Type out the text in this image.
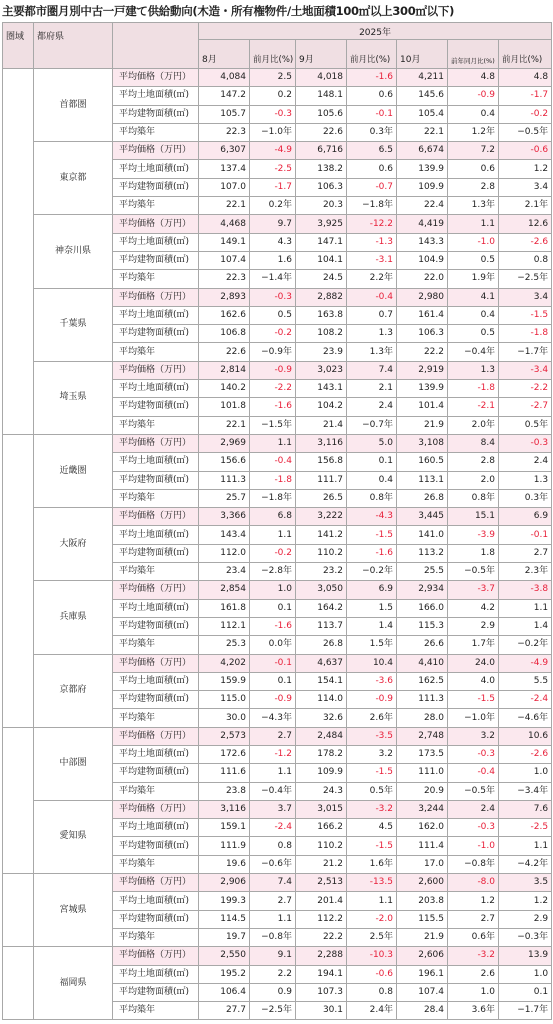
主要都市圏月別中古一戸建て供給動向(木造・所有権物件/土地面積100㎡以上300㎡以下)
圏域	都府県		2025年						
			8月	前月比(%)	9月	前月比(%)	10月	前年同月比(%)	前月比(%)
	首都圏	平均価格（万円）	4,084	2.5	4,018	-1.6	4,211	4.8	4.8
		平均土地面積(㎡)	147.2	0.2	148.1	0.6	145.6	-0.9	-1.7
		平均建物面積(㎡)	105.7	-0.3	105.6	-0.1	105.4	0.4	-0.2
		平均築年	22.3	−1.0年	22.6	0.3年	22.1	1.2年	−0.5年
	東京都	平均価格（万円）	6,307	-4.9	6,716	6.5	6,674	7.2	-0.6
		平均土地面積(㎡)	137.4	-2.5	138.2	0.6	139.9	0.6	1.2
		平均建物面積(㎡)	107.0	-1.7	106.3	-0.7	109.9	2.8	3.4
		平均築年	22.1	0.2年	20.3	−1.8年	22.4	1.3年	2.1年
	神奈川県	平均価格（万円）	4,468	9.7	3,925	-12.2	4,419	1.1	12.6
		平均土地面積(㎡)	149.1	4.3	147.1	-1.3	143.3	-1.0	-2.6
		平均建物面積(㎡)	107.4	1.6	104.1	-3.1	104.9	0.5	0.8
		平均築年	22.3	−1.4年	24.5	2.2年	22.0	1.9年	−2.5年
	千葉県	平均価格（万円）	2,893	-0.3	2,882	-0.4	2,980	4.1	3.4
		平均土地面積(㎡)	162.6	0.5	163.8	0.7	161.4	0.4	-1.5
		平均建物面積(㎡)	106.8	-0.2	108.2	1.3	106.3	0.5	-1.8
		平均築年	22.6	−0.9年	23.9	1.3年	22.2	−0.4年	−1.7年
	埼玉県	平均価格（万円）	2,814	-0.9	3,023	7.4	2,919	1.3	-3.4
		平均土地面積(㎡)	140.2	-2.2	143.1	2.1	139.9	-1.8	-2.2
		平均建物面積(㎡)	101.8	-1.6	104.2	2.4	101.4	-2.1	-2.7
		平均築年	22.1	−1.5年	21.4	−0.7年	21.9	2.0年	0.5年
	近畿圏	平均価格（万円）	2,969	1.1	3,116	5.0	3,108	8.4	-0.3
		平均土地面積(㎡)	156.6	-0.4	156.8	0.1	160.5	2.8	2.4
		平均建物面積(㎡)	111.3	-1.8	111.7	0.4	113.1	2.0	1.3
		平均築年	25.7	−1.8年	26.5	0.8年	26.8	0.8年	0.3年
	大阪府	平均価格（万円）	3,366	6.8	3,222	-4.3	3,445	15.1	6.9
		平均土地面積(㎡)	143.4	1.1	141.2	-1.5	141.0	-3.9	-0.1
		平均建物面積(㎡)	112.0	-0.2	110.2	-1.6	113.2	1.8	2.7
		平均築年	23.4	−2.8年	23.2	−0.2年	25.5	−0.5年	2.3年
	兵庫県	平均価格（万円）	2,854	1.0	3,050	6.9	2,934	-3.7	-3.8
		平均土地面積(㎡)	161.8	0.1	164.2	1.5	166.0	4.2	1.1
		平均建物面積(㎡)	112.1	-1.6	113.7	1.4	115.3	2.9	1.4
		平均築年	25.3	0.0年	26.8	1.5年	26.6	1.7年	−0.2年
	京都府	平均価格（万円）	4,202	-0.1	4,637	10.4	4,410	24.0	-4.9
		平均土地面積(㎡)	159.9	0.1	154.1	-3.6	162.5	4.0	5.5
		平均建物面積(㎡)	115.0	-0.9	114.0	-0.9	111.3	-1.5	-2.4
		平均築年	30.0	−4.3年	32.6	2.6年	28.0	−1.0年	−4.6年
	中部圏	平均価格（万円）	2,573	2.7	2,484	-3.5	2,748	3.2	10.6
		平均土地面積(㎡)	172.6	-1.2	178.2	3.2	173.5	-0.3	-2.6
		平均建物面積(㎡)	111.6	1.1	109.9	-1.5	111.0	-0.4	1.0
		平均築年	23.8	−0.4年	24.3	0.5年	20.9	−0.5年	−3.4年
	愛知県	平均価格（万円）	3,116	3.7	3,015	-3.2	3,244	2.4	7.6
		平均土地面積(㎡)	159.1	-2.4	166.2	4.5	162.0	-0.3	-2.5
		平均建物面積(㎡)	111.9	0.8	110.2	-1.5	111.4	-1.0	1.1
		平均築年	19.6	−0.6年	21.2	1.6年	17.0	−0.8年	−4.2年
	宮城県	平均価格（万円）	2,906	7.4	2,513	-13.5	2,600	-8.0	3.5
		平均土地面積(㎡)	199.3	2.7	201.4	1.1	203.8	1.2	1.2
		平均建物面積(㎡)	114.5	1.1	112.2	-2.0	115.5	2.7	2.9
		平均築年	19.7	−0.8年	22.2	2.5年	21.9	0.6年	−0.3年
	福岡県	平均価格（万円）	2,550	9.1	2,288	-10.3	2,606	-3.2	13.9
		平均土地面積(㎡)	195.2	2.2	194.1	-0.6	196.1	2.6	1.0
		平均建物面積(㎡)	106.4	0.9	107.3	0.8	107.4	1.0	0.1
		平均築年	27.7	−2.5年	30.1	2.4年	28.4	3.6年	−1.7年
